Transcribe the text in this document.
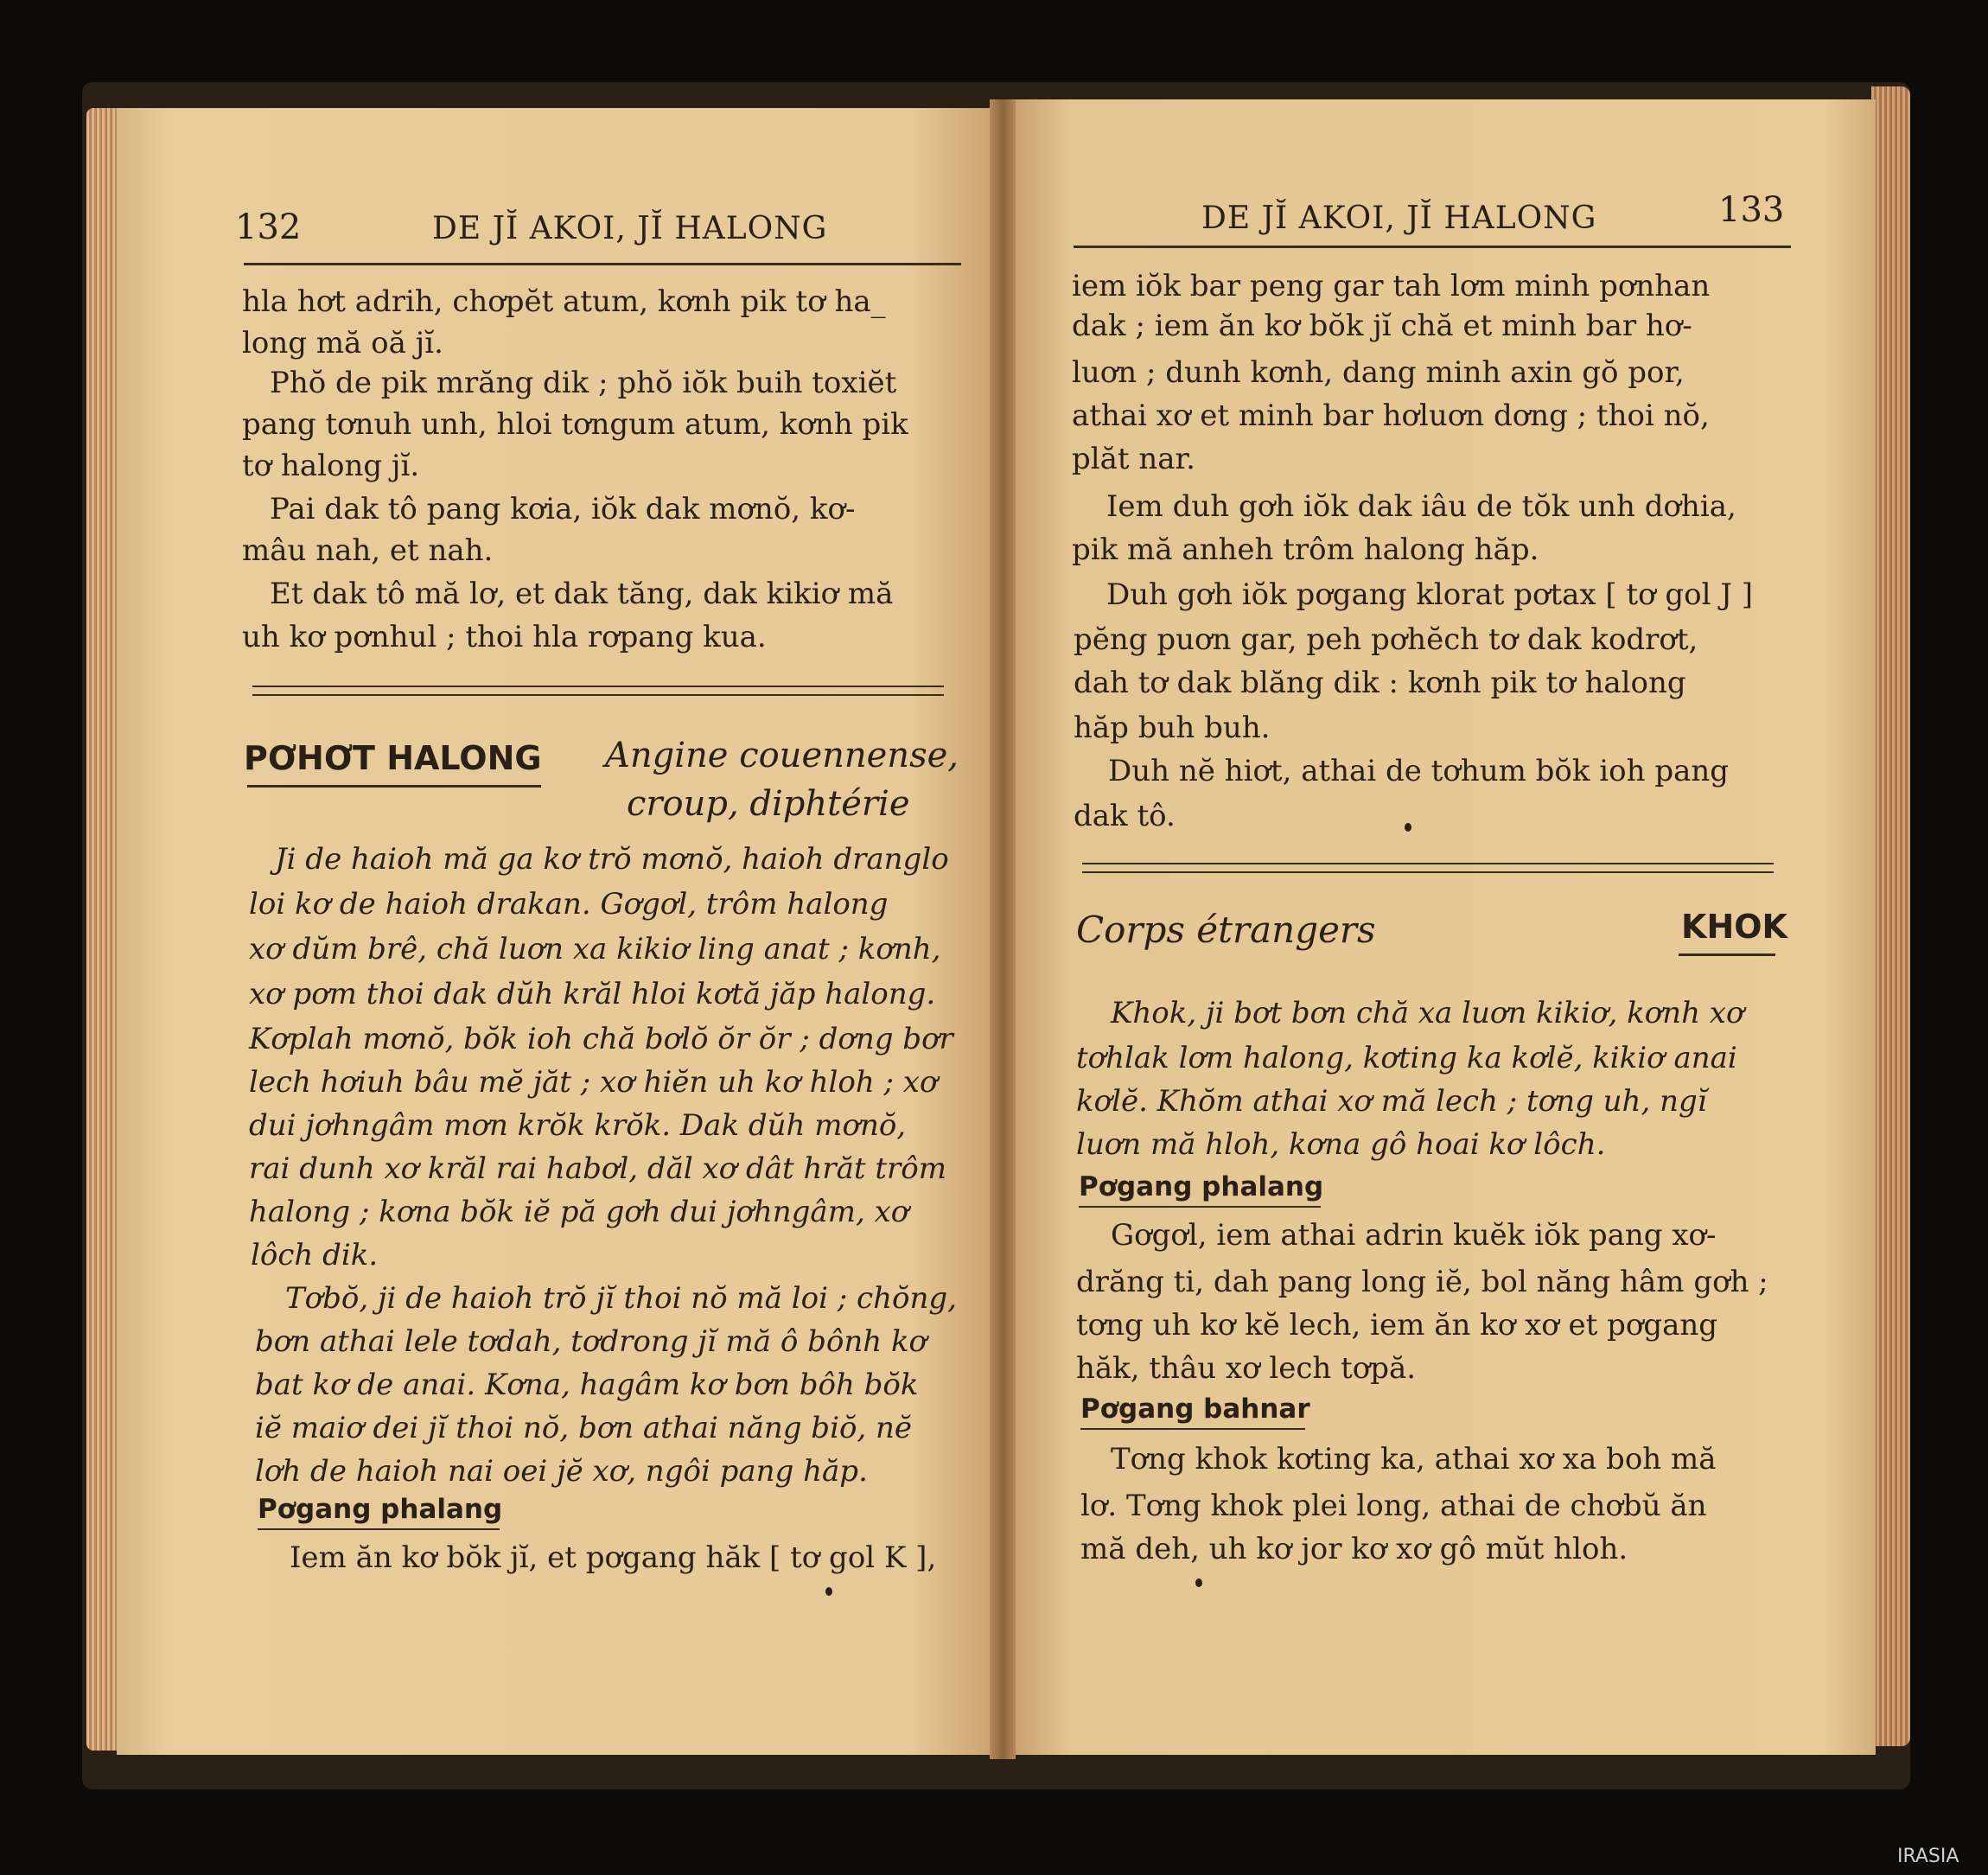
132	DE JĬ AKOI, JĬ HALONG
hla hơt adrih, chơpĕt atum, kơnh pik tơ ha_
long mă oă jĭ.
Phŏ de pik mrăng dik ; phŏ iŏk buih toxiĕt
pang tơnuh unh, hloi tơngum atum, kơnh pik
tơ halong jĭ.
Pai dak tô pang kơia, iŏk dak mơnŏ, kơ-
mâu nah, et nah.
Et dak tô mă lơ, et dak tăng, dak kikiơ mă
uh kơ pơnhul ; thoi hla rơpang kua.
PƠHƠT HALONG Angine couennense,
croup, diphtérie
Ji de haioh mă ga kơ trŏ mơnŏ, haioh dranglo
loi kơ de haioh drakan. Gơgơl, trôm halong
xơ dŭm brê, chă luơn xa kikiơ ling anat ; kơnh,
xơ pơm thoi dak dŭh krăl hloi kơtă jăp halong.
Kơplah mơnŏ, bŏk ioh chă bơlŏ ŏr ŏr ; dơng bơr
lech hơiuh bâu mĕ jăt ; xơ hiĕn uh kơ hloh ; xơ
dui jơhngâm mơn krŏk krŏk. Dak dŭh mơnŏ,
rai dunh xơ krăl rai habơl, dăl xơ dât hrăt trôm
halong ; kơna bŏk iĕ pă gơh dui jơhngâm, xơ
lôch dik.
Tơbŏ, ji de haioh trŏ jĭ thoi nŏ mă loi ; chŏng,
bơn athai lele tơdah, tơdrong jĭ mă ô bônh kơ
bat kơ de anai. Kơna, hagâm kơ bơn bôh bŏk
iĕ maiơ dei jĭ thoi nŏ, bơn athai năng biŏ, nĕ
lơh de haioh nai oei jĕ xơ, ngôi pang hăp.
Pơgang phalang
Iem ăn kơ bŏk jĭ, et pơgang hăk [ tơ gol K ],
DE JĬ AKOI, JĬ HALONG	133
iem iŏk bar peng gar tah lơm minh pơnhan
dak ; iem ăn kơ bŏk jĭ chă et minh bar hơ-
luơn ; dunh kơnh, dang minh axin gŏ por,
athai xơ et minh bar hơluơn dơng ; thoi nŏ,
plăt nar.
Iem duh gơh iŏk dak iâu de tŏk unh dơhia,
pik mă anheh trôm halong hăp.
Duh gơh iŏk pơgang klorat pơtax [ tơ gol J ]
pĕng puơn gar, peh pơhĕch tơ dak kodrơt,
dah tơ dak blăng dik : kơnh pik tơ halong
hăp buh buh.
Duh nĕ hiơt, athai de tơhum bŏk ioh pang
dak tô.
Corps étrangers	KHOK
Khok, ji bơt bơn chă xa luơn kikiơ, kơnh xơ
tơhlak lơm halong, kơting ka kơlĕ, kikiơ anai
kơlĕ. Khŏm athai xơ mă lech ; tơng uh, ngĭ
luơn mă hloh, kơna gô hoai kơ lôch.
Pơgang phalang
Gơgơl, iem athai adrin kuĕk iŏk pang xơ-
drăng ti, dah pang long iĕ, bol năng hâm gơh ;
tơng uh kơ kĕ lech, iem ăn kơ xơ et pơgang
hăk, thâu xơ lech tơpă.
Pơgang bahnar
Tơng khok kơting ka, athai xơ xa boh mă
lơ. Tơng khok plei long, athai de chơbŭ ăn
mă deh, uh kơ jor kơ xơ gô mŭt hloh.
IRASIA
